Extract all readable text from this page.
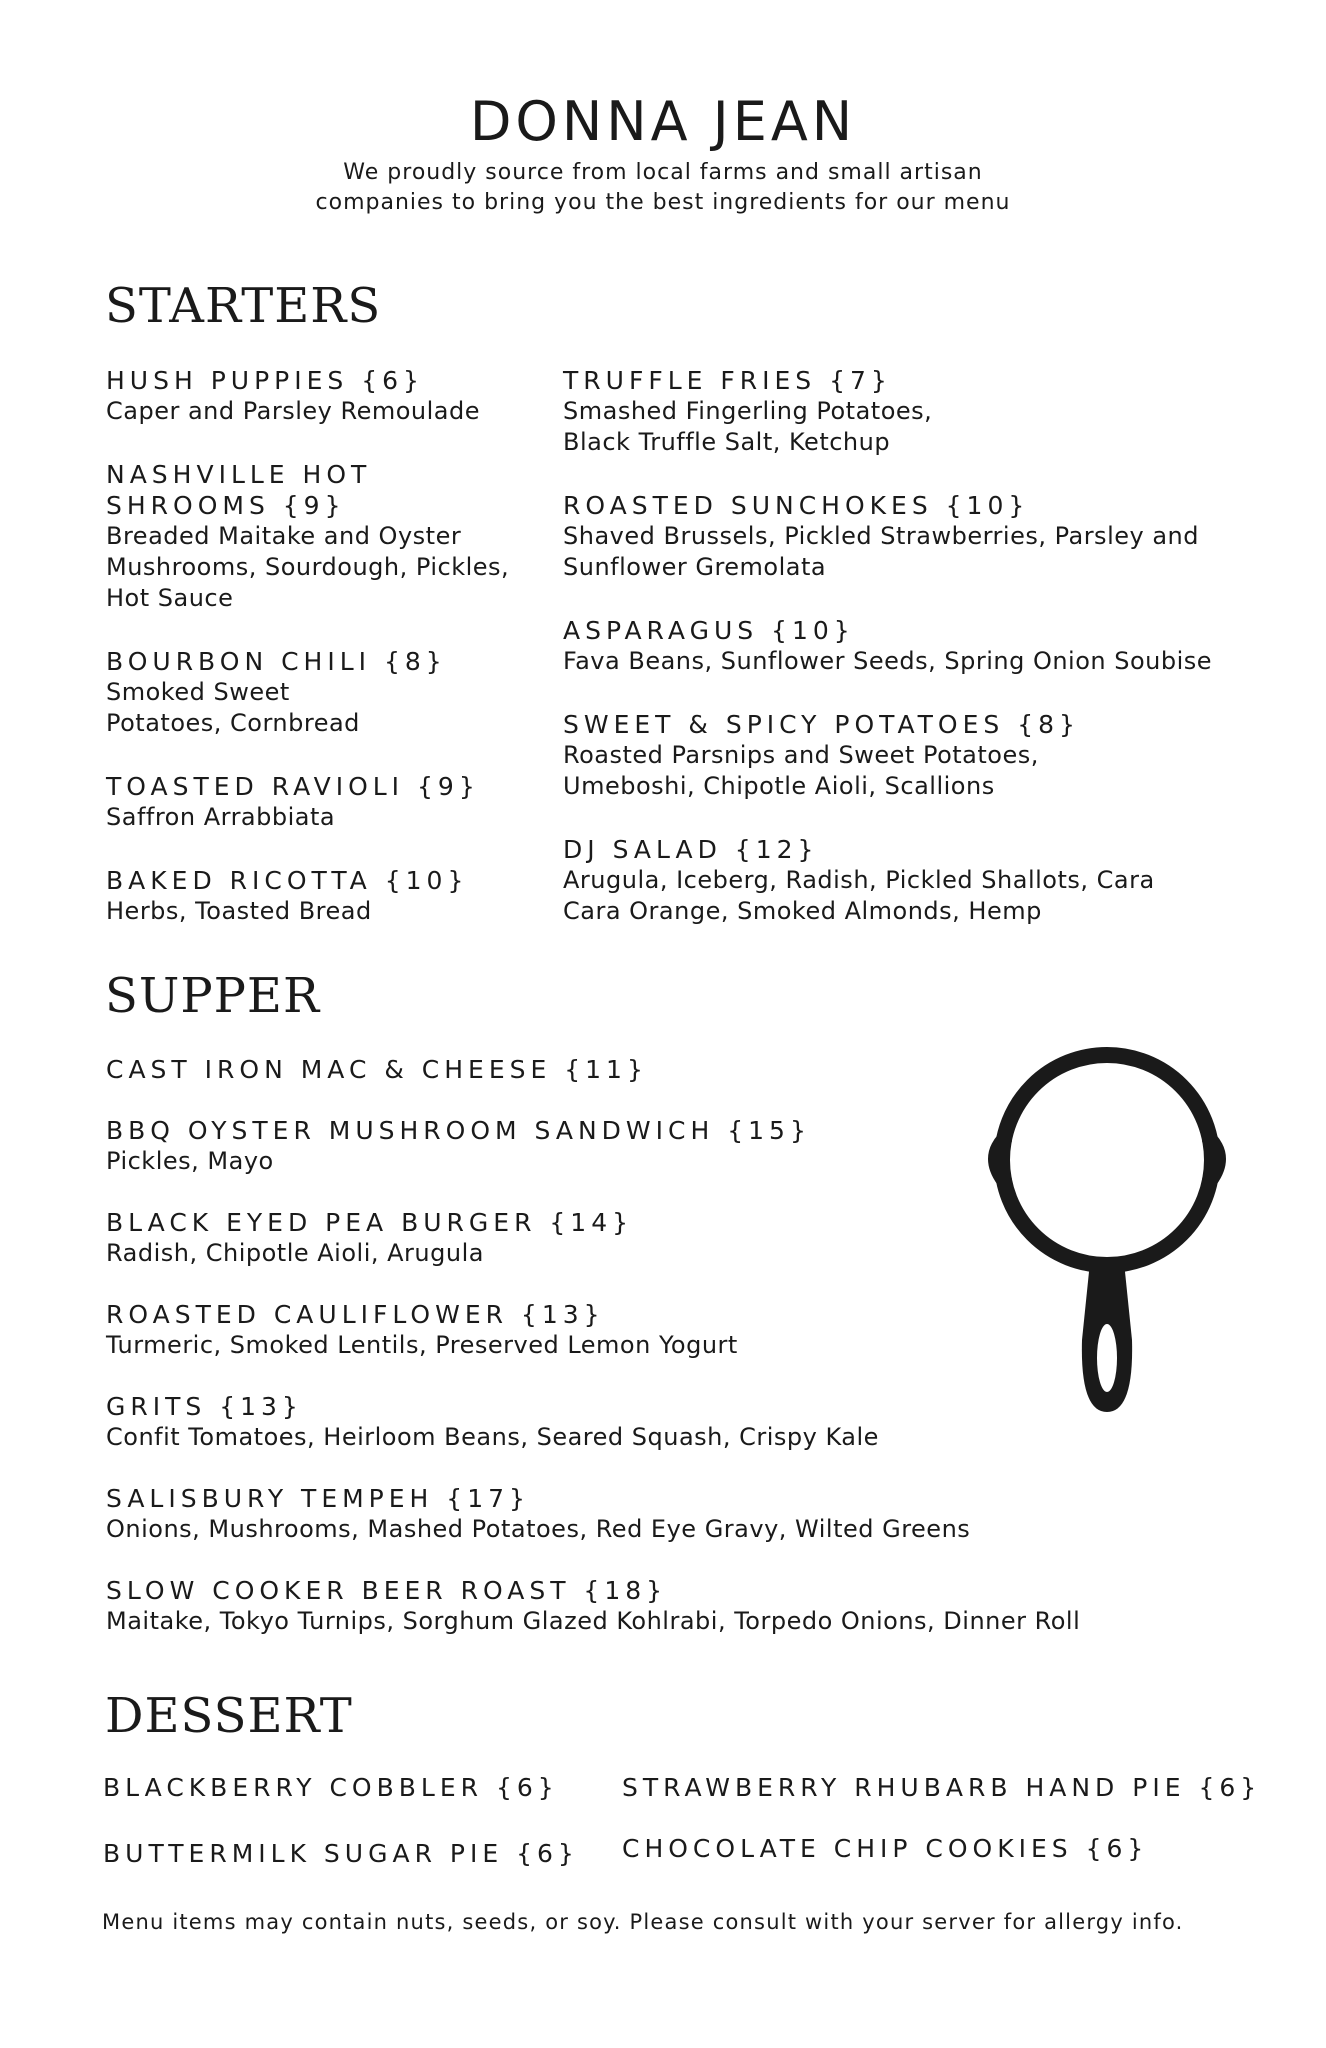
DONNA JEAN
We proudly source from local farms and small artisan
companies to bring you the best ingredients for our menu
STARTERS
HUSH PUPPIES {6}
Caper and Parsley Remoulade
NASHVILLE HOT SHROOMS {9}
Breaded Maitake and Oyster Mushrooms, Sourdough, Pickles, Hot Sauce
BOURBON CHILI {8}
Smoked Sweet Potatoes, Cornbread
TOASTED RAVIOLI {9}
Saffron Arrabbiata
BAKED RICOTTA {10}
Herbs, Toasted Bread
TRUFFLE FRIES {7}
Smashed Fingerling Potatoes, Black Truffle Salt, Ketchup
ROASTED SUNCHOKES {10}
Shaved Brussels, Pickled Strawberries, Parsley and Sunflower Gremolata
ASPARAGUS {10}
Fava Beans, Sunflower Seeds, Spring Onion Soubise
SWEET & SPICY POTATOES {8}
Roasted Parsnips and Sweet Potatoes, Umeboshi, Chipotle Aioli, Scallions
DJ SALAD {12}
Arugula, Iceberg, Radish, Pickled Shallots, Cara Cara Orange, Smoked Almonds, Hemp
SUPPER
CAST IRON MAC & CHEESE {11}
BBQ OYSTER MUSHROOM SANDWICH {15}
Pickles, Mayo
BLACK EYED PEA BURGER {14}
Radish, Chipotle Aioli, Arugula
ROASTED CAULIFLOWER {13}
Turmeric, Smoked Lentils, Preserved Lemon Yogurt
GRITS {13}
Confit Tomatoes, Heirloom Beans, Seared Squash, Crispy Kale
SALISBURY TEMPEH {17}
Onions, Mushrooms, Mashed Potatoes, Red Eye Gravy, Wilted Greens
SLOW COOKER BEER ROAST {18}
Maitake, Tokyo Turnips, Sorghum Glazed Kohlrabi, Torpedo Onions, Dinner Roll
DESSERT
BLACKBERRY COBBLER {6}	STRAWBERRY RHUBARB HAND PIE {6}
BUTTERMILK SUGAR PIE {6} CHOCOLATE CHIP COOKIES {6}
Menu items may contain nuts, seeds, or soy. Please consult with your server for allergy info.
